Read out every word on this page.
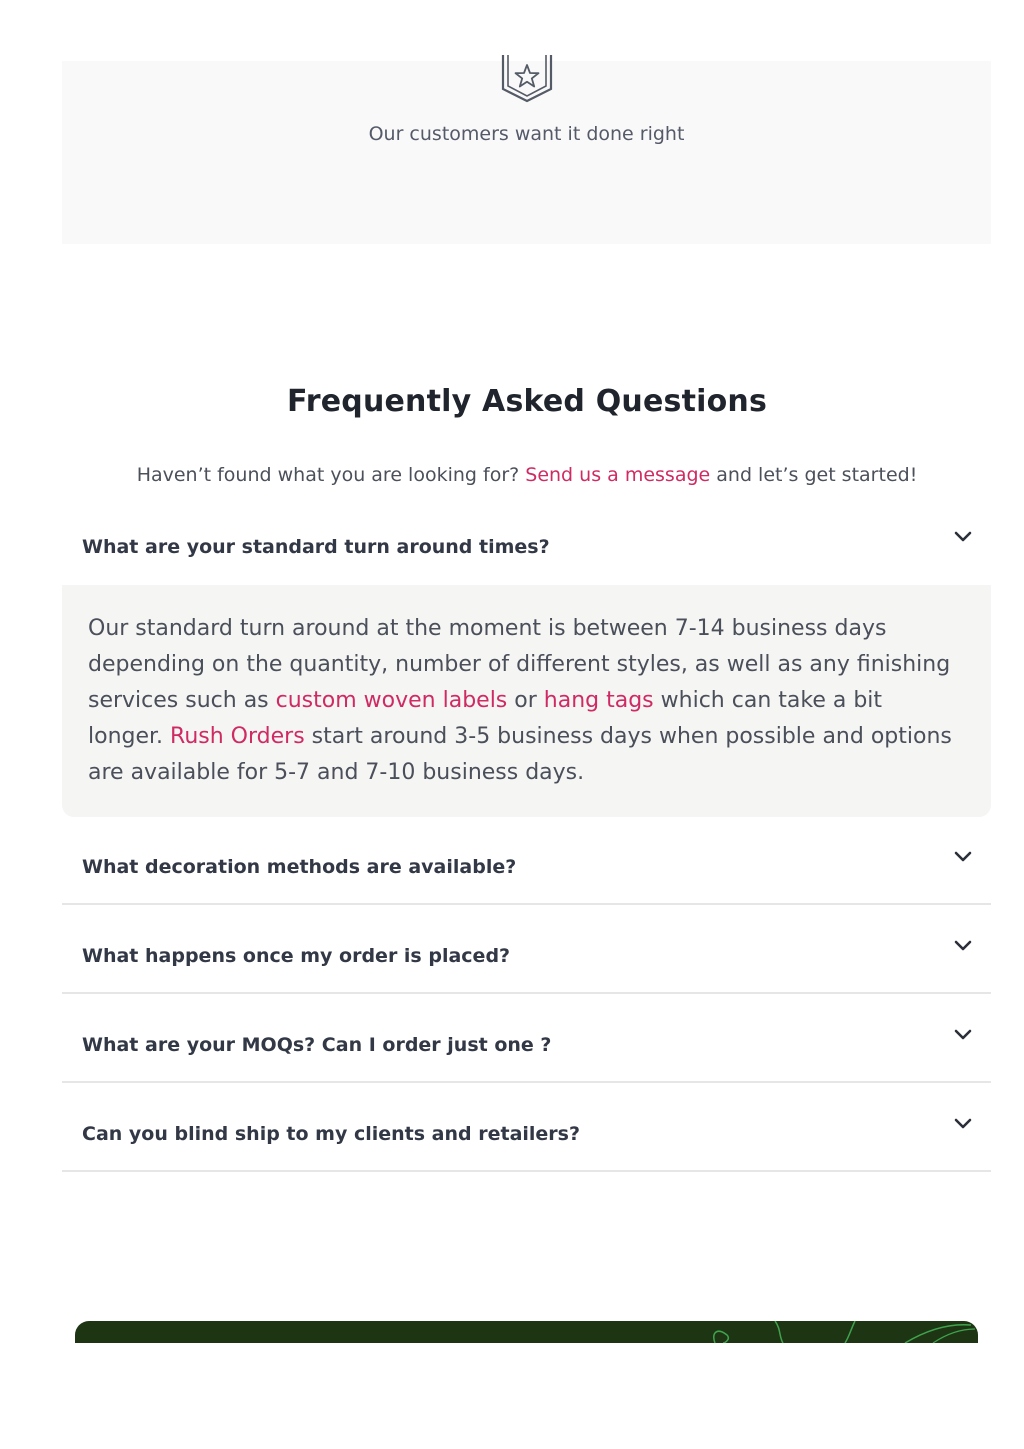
Our customers want it done right
Frequently Asked Questions

Haven’t found what you are looking for? Send us a message and let’s get started!

What are your standard turn around times?
Our standard turn around at the moment is between 7-14 business days depending on the quantity, number of different styles, as well as any finishing services such as custom woven labels or hang tags which can take a bit longer. Rush Orders start around 3-5 business days when possible and options are available for 5-7 and 7-10 business days.
What decoration methods are available?
What happens once my order is placed?
What are your MOQs? Can I order just one ?
Can you blind ship to my clients and retailers?
